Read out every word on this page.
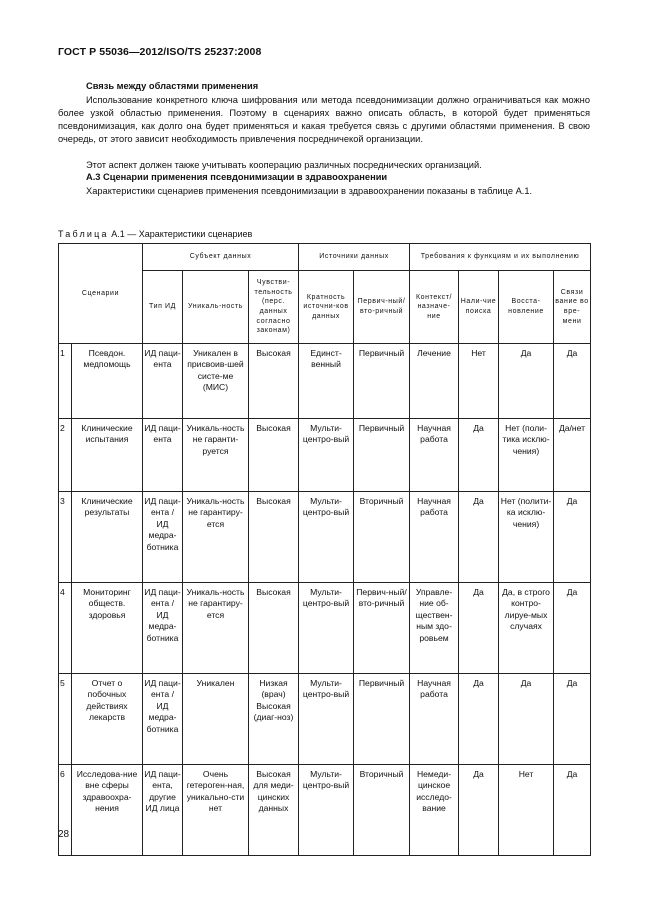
ГОСТ Р 55036—2012/ISO/TS 25237:2008
Связь между областями применения
Использование конкретного ключа шифрования или метода псевдонимизации должно ограничиваться как можно более узкой областью применения. Поэтому в сценариях важно описать область, в которой будет применяться псевдонимизация, как долго она будет применяться и какая требуется связь с другими областями применения. В свою очередь, от этого зависит необходимость привлечения посредничекой организации.
Этот аспект должен также учитывать кооперацию различных посреднических организаций.
А.3 Сценарии применения псевдонимизации в здравоохранении
Характеристики сценариев применения псевдонимизации в здравоохранении показаны в таблице А.1.
Таблица А.1 — Характеристики сценариев
Сценарии		Субъект данных			Источники данных		Требования к функциям и их выполнению			
		Тип ИД	Уникаль-ность	Чувстви-тельность (перс. данных согласно законам)	Кратность источни-ков данных	Первич-ный/вто-ричный	Контекст/ назначе-ние	Нали-чие поиска	Восста-новление	Связи вание во вре-мени
1	Псевдон. медпомощь	ИД паци-ента	Уникален в присвоив-шей систе-ме (МИС)	Высокая	Единст-венный	Первичный	Лечение	Нет	Да	Да
2	Клинические испытания	ИД паци-ента	Уникаль-ность не гаранти-руется	Высокая	Мульти-центро-вый	Первичный	Научная работа	Да	Нет (поли-тика исклю-чения)	Да/нет
3	Клинические результаты	ИД паци-ента / ИД медра-ботника	Уникаль-ность не гарантиру-ется	Высокая	Мульти-центро-вый	Вторичный	Научная работа	Да	Нет (полити-ка исклю-чения)	Да
4	Мониторинг обществ. здоровья	ИД паци-ента / ИД медра-ботника	Уникаль-ность не гарантиру-ется	Высокая	Мульти-центро-вый	Первич-ный/вто-ричный	Управле-ние об-ществен-ным здо-ровьем	Да	Да, в строго контро-лируе-мых случаях	Да
5	Отчет о побочных действиях лекарств	ИД паци-ента / ИД медра-ботника	Уникален	Низкая (врач) Высокая (диаг-ноз)	Мульти-центро-вый	Первичный	Научная работа	Да	Да	Да
6	Исследова-ние вне сферы здравоохра-нения	ИД паци-ента, другие ИД лица	Очень гетероген-ная, уникально-сти нет	Высокая для меди-цинских данных	Мульти-центро-вый	Вторичный	Немеди-цинское исследо-вание	Да	Нет	Да
28
